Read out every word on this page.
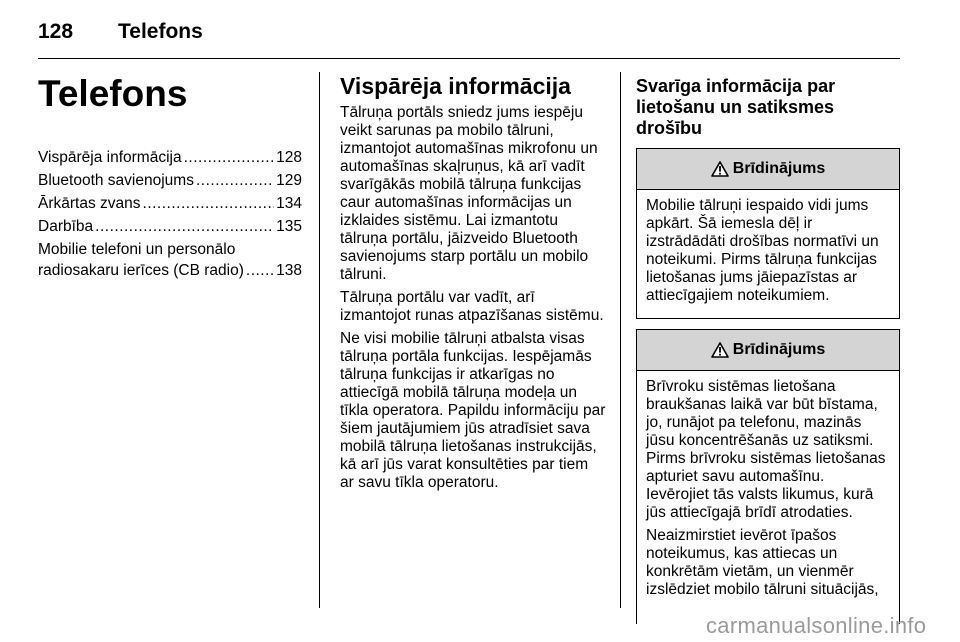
128 Telefons
Telefons
Vispārēja informācija .....	128
Bluetooth savienojums .....	129
Ārkārtas zvans .....	134
Darbība .....	135
Mobilie telefoni un personālo
radiosakaru ierīces (CB radio) ..... 138
Vispārēja informācija

Tālruņa portāls sniedz jums iespēju veikt sarunas pa mobilo tālruni, izmantojot automašīnas mikrofonu un automašīnas skaļruņus, kā arī vadīt svarīgākās mobilā tālruņa funkcijas caur automašīnas informācijas un izklaides sistēmu. Lai izmantotu tālruņa portālu, jāizveido Bluetooth savienojums starp portālu un mobilo tālruni.

Tālruņa portālu var vadīt, arī izmantojot runas atpazīšanas sistēmu.

Ne visi mobilie tālruņi atbalsta visas tālruņa portāla funkcijas. Iespējamās tālruņa funkcijas ir atkarīgas no attiecīgā mobilā tālruņa modeļa un tīkla operatora. Papildu informāciju par šiem jautājumiem jūs atradīsiet sava mobilā tālruņa lietošanas instrukcijās, kā arī jūs varat konsultēties par tiem ar savu tīkla operatoru.

Svarīga informācija par lietošanu un satiksmes drošību
Brīdinājums

Mobilie tālruņi iespaido vidi jums apkārt. Šā iemesla dēļ ir izstrādādāti drošības normatīvi un noteikumi. Pirms tālruņa funkcijas lietošanas jums jāiepazīstas ar attiecīgajiem noteikumiem.

Brīdinājums

Brīvroku sistēmas lietošana braukšanas laikā var būt bīstama, jo, runājot pa telefonu, mazinās jūsu koncentrēšanās uz satiksmi. Pirms brīvroku sistēmas lietošanas apturiet savu automašīnu. Ievērojiet tās valsts likumus, kurā jūs attiecīgajā brīdī atrodaties.

Neaizmirstiet ievērot īpašos noteikumus, kas attiecas un konkrētām vietām, un vienmēr izslēdziet mobilo tālruni situācijās,

carmanualsonline.info
